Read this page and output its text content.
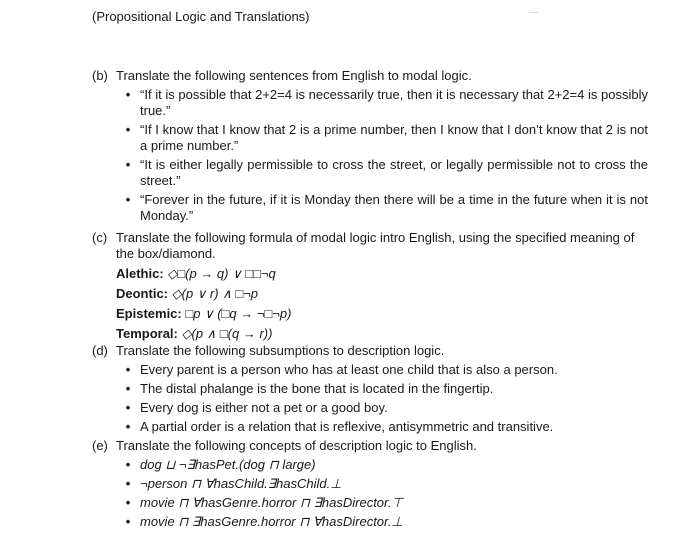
(Propositional Logic and Translations)
(b) Translate the following sentences from English to modal logic.
• “If it is possible that 2+2=4 is necessarily true, then it is necessary that 2+2=4 is possibly true.”
• “If I know that I know that 2 is a prime number, then I know that I don’t know that 2 is not a prime number.”
• “It is either legally permissible to cross the street, or legally permissible not to cross the street.”
• “Forever in the future, if it is Monday then there will be a time in the future when it is not Monday.”
(c) Translate the following formula of modal logic intro English, using the specified meaning of the box/diamond.
Alethic: ◇□(p → q) ∨ □□¬q
Deontic: ◇(p ∨ r) ∧ □¬p
Epistemic: □p ∨ (□q → ¬□¬p)
Temporal: ◇(p ∧ □(q → r))
(d) Translate the following subsumptions to description logic.
• Every parent is a person who has at least one child that is also a person.
• The distal phalange is the bone that is located in the fingertip.
• Every dog is either not a pet or a good boy.
• A partial order is a relation that is reflexive, antisymmetric and transitive.
(e) Translate the following concepts of description logic to English.
• dog ⊔ ¬∃hasPet.(dog ⊓ large)
• ¬person ⊓ ∀hasChild.∃hasChild.⊥
• movie ⊓ ∀hasGenre.horror ⊓ ∃hasDirector.⊤
• movie ⊓ ∃hasGenre.horror ⊓ ∀hasDirector.⊥
